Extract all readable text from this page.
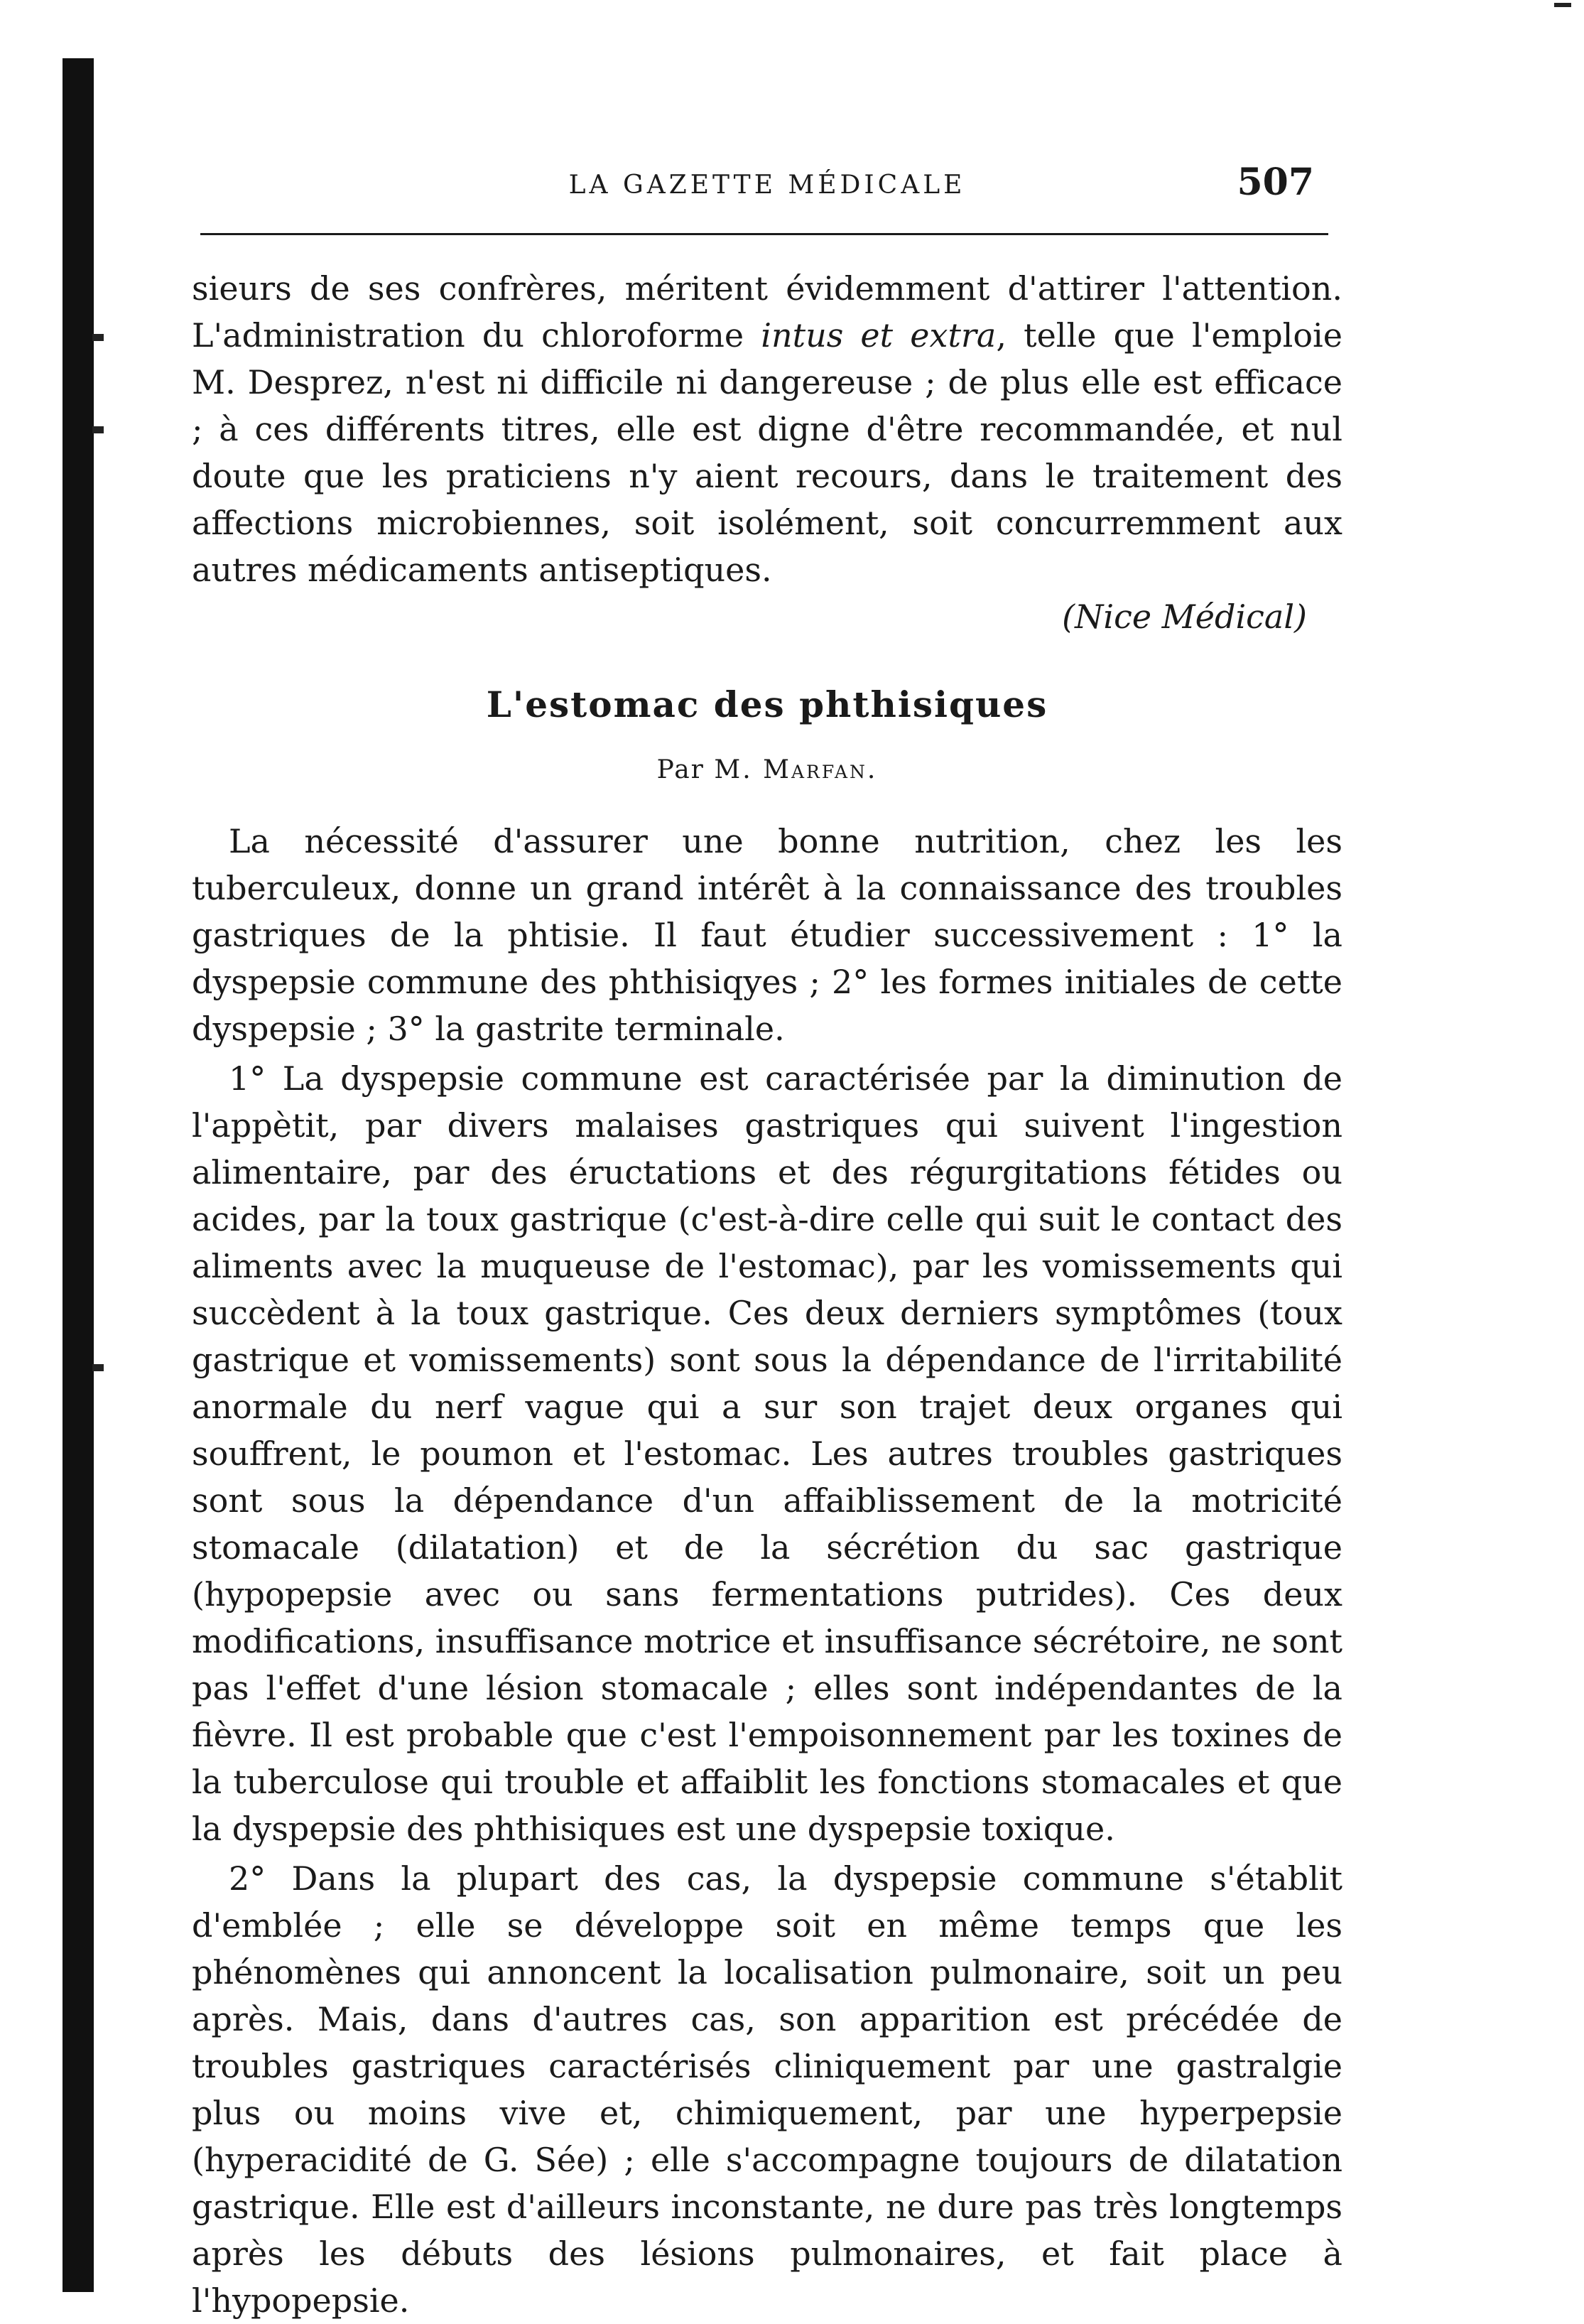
LA GAZETTE MÉDICALE	507

sieurs de ses confrères, méritent évidemment d'attirer l'attention. L'administration du chloroforme intus et extra, telle que l'emploie M. Desprez, n'est ni difficile ni dangereuse ; de plus elle est efficace ; à ces différents titres, elle est digne d'être recommandée, et nul doute que les praticiens n'y aient recours, dans le traitement des affections microbiennes, soit isolément, soit concurremment aux autres médicaments antiseptiques.

(Nice Médical)

L'estomac des phthisiques

Par M. Marfan.

La nécessité d'assurer une bonne nutrition, chez les les tuberculeux, donne un grand intérêt à la connaissance des troubles gastriques de la phtisie. Il faut étudier successivement : 1° la dyspepsie commune des phthisiqyes ; 2° les formes initiales de cette dyspepsie ; 3° la gastrite terminale.

1° La dyspepsie commune est caractérisée par la diminution de l'appètit, par divers malaises gastriques qui suivent l'ingestion alimentaire, par des éructations et des régurgitations fétides ou acides, par la toux gastrique (c'est-à-dire celle qui suit le contact des aliments avec la muqueuse de l'estomac), par les vomissements qui succèdent à la toux gastrique. Ces deux derniers symptômes (toux gastrique et vomissements) sont sous la dépendance de l'irritabilité anormale du nerf vague qui a sur son trajet deux organes qui souffrent, le poumon et l'estomac. Les autres troubles gastriques sont sous la dépendance d'un affaiblissement de la motricité stomacale (dilatation) et de la sécrétion du sac gastrique (hypopepsie avec ou sans fermentations putrides). Ces deux modifications, insuffisance motrice et insuffisance sécrétoire, ne sont pas l'effet d'une lésion stomacale ; elles sont indépendantes de la fièvre. Il est probable que c'est l'empoisonnement par les toxines de la tuberculose qui trouble et affaiblit les fonctions stomacales et que la dyspepsie des phthisiques est une dyspepsie toxique.

2° Dans la plupart des cas, la dyspepsie commune s'établit d'emblée ; elle se développe soit en même temps que les phénomènes qui annoncent la localisation pulmonaire, soit un peu après. Mais, dans d'autres cas, son apparition est précédée de troubles gastriques caractérisés cliniquement par une gastralgie plus ou moins vive et, chimiquement, par une hyperpepsie (hyperacidité de G. Sée) ; elle s'accompagne toujours de dilatation gastrique. Elle est d'ailleurs inconstante, ne dure pas très longtemps après les débuts des lésions pulmonaires, et fait place à l'hypopepsie.
